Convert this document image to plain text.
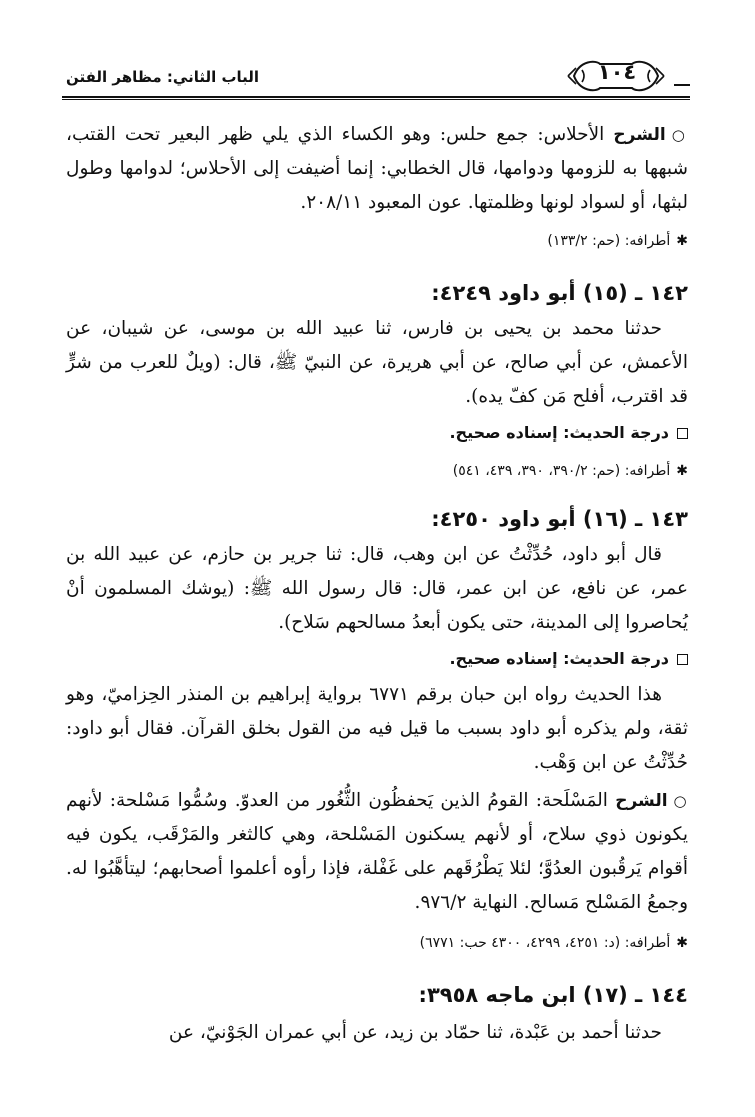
الباب الثاني: مظاهر الفتن	١٠٤
○الشرح الأحلاس: جمع حلس: وهو الكساء الذي يلي ظهر البعير تحت القتب، شبهها به للزومها ودوامها، قال الخطابي: إنما أضيفت إلى الأحلاس؛ لدوامها وطول لبثها، أو لسواد لونها وظلمتها. عون المعبود ٢٠٨/١١.
✱أطرافه: (حم: ١٣٣/٢)
١٤٢ ـ (١٥) أبو داود ٤٢٤٩:
حدثنا محمد بن يحيى بن فارس، ثنا عبيد الله بن موسى، عن شيبان، عن الأعمش، عن أبي صالح، عن أبي هريرة، عن النبيّ ﷺ، قال: (ويلٌ للعرب من شرٍّ قد اقترب، أفلح مَن كفّ يده).
درجة الحديث: إسناده صحيح.
✱أطرافه: (حم: ٣٩٠/٢، ٣٩٠، ٤٣٩، ٥٤١)
١٤٣ ـ (١٦) أبو داود ٤٢٥٠:
قال أبو داود، حُدِّثْتُ عن ابن وهب، قال: ثنا جرير بن حازم، عن عبيد الله بن عمر، عن نافع، عن ابن عمر، قال: قال رسول الله ﷺ: (يوشك المسلمون أنْ يُحاصروا إلى المدينة، حتى يكون أبعدُ مسالحهم سَلاح).
درجة الحديث: إسناده صحيح.
هذا الحديث رواه ابن حبان برقم ٦٧٧١ برواية إبراهيم بن المنذر الحِزاميّ، وهو ثقة، ولم يذكره أبو داود بسبب ما قيل فيه من القول بخلق القرآن. فقال أبو داود: حُدِّثْتُ عن ابن وَهْب.
○الشرح المَسْلَحة: القومُ الذين يَحفظُون الثُّغُور من العدوّ. وسُمُّوا مَسْلحة: لأنهم يكونون ذوي سلاح، أو لأنهم يسكنون المَسْلحة، وهي كالثغر والمَرْقَب، يكون فيه أقوام يَرقُبون العدُوَّ؛ لئلا يَطْرُقَهم على غَفْلة، فإذا رأوه أعلموا أصحابهم؛ ليتأهَّبُوا له. وجمعُ المَسْلح مَسالح. النهاية ٩٧٦/٢.
✱أطرافه: (د: ٤٢٥١، ٤٢٩٩، ٤٣٠٠ حب: ٦٧٧١)
١٤٤ ـ (١٧) ابن ماجه ٣٩٥٨:
حدثنا أحمد بن عَبْدة، ثنا حمّاد بن زيد، عن أبي عمران الجَوْنيّ، عن
